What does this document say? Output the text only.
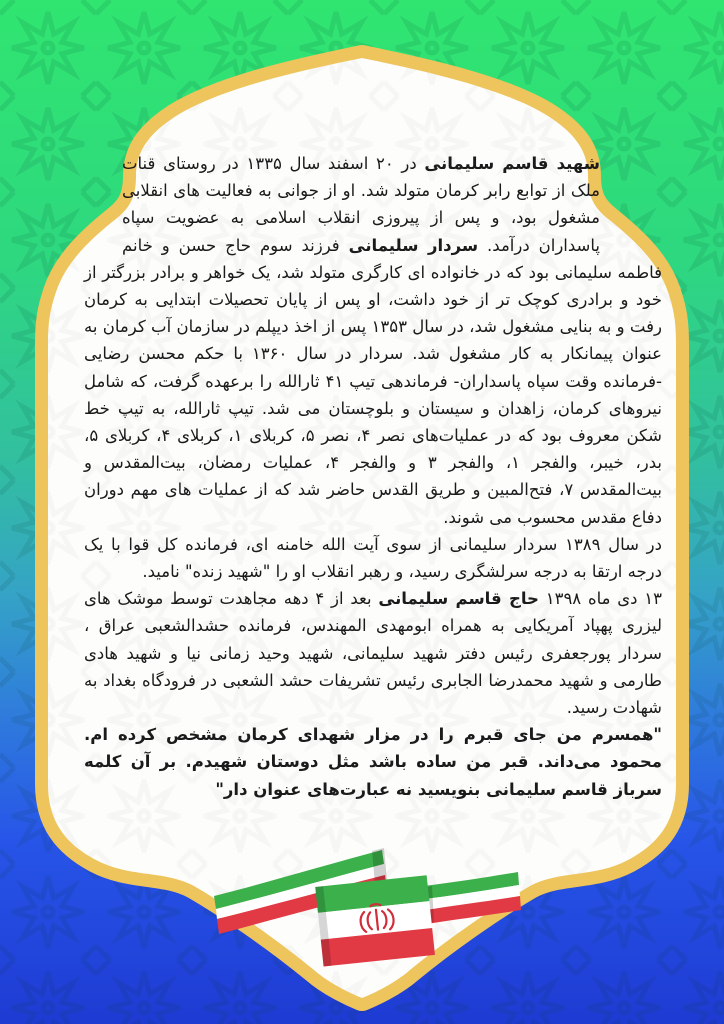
شهید قاسم سلیمانی در ۲۰ اسفند سال ۱۳۳۵ در روستای قنات ملک از توابع رابر کرمان متولد شد. او از جوانی به فعالیت های انقلابی مشغول بود، و پس از پیروزی انقلاب اسلامی به عضویت سپاه پاسداران درآمد. سردار سلیمانی فرزند سوم حاج حسن و خانم فاطمه سلیمانی بود که در خانواده ای کارگری متولد شد، یک خواهر و برادر بزرگتر از خود و برادری کوچک تر از خود داشت، او پس از پایان تحصیلات ابتدایی به کرمان رفت و به بنایی مشغول شد، در سال ۱۳۵۳ پس از اخذ دیپلم در سازمان آب کرمان به عنوان پیمانکار به کار مشغول شد. سردار در سال ۱۳۶۰ با حکم محسن رضایی -فرمانده وقت سپاه پاسداران- فرماندهی تیپ ۴۱ ثارالله را برعهده گرفت، که شامل نیروهای کرمان، زاهدان و سیستان و بلوچستان می شد. تیپ ثارالله، به تیپ خط شکن معروف بود که در عملیات‌های نصر ۴، نصر ۵، کربلای ۱، کربلای ۴، کربلای ۵، بدر، خیبر، والفجر ۱، والفجر ۳ و والفجر ۴، عملیات رمضان، بیت‌المقدس و بیت‌المقدس ۷، فتح‌المبین و طریق القدس حاضر شد که از عملیات های مهم دوران دفاع مقدس محسوب می شوند.

در سال ۱۳۸۹ سردار سلیمانی از سوی آیت الله خامنه ای، فرمانده کل قوا با یک درجه ارتقا به درجه سرلشگری رسید، و رهبر انقلاب او را "شهید زنده" نامید.

۱۳ دی ماه ۱۳۹۸ حاج قاسم سلیمانی بعد از ۴ دهه مجاهدت توسط موشک های لیزری پهپاد آمریکایی به همراه ابومهدی المهندس، فرمانده حشدالشعبی عراق ، سردار پورجعفری رئیس دفتر شهید سلیمانی، شهید وحید زمانی نیا و شهید هادی طارمی و شهید محمدرضا الجابری رئیس تشریفات حشد الشعبی در فرودگاه بغداد به شهادت رسید.

"همسرم من جای قبرم را در مزار شهدای کرمان مشخص کرده ام. محمود می‌داند. قبر من ساده باشد مثل دوستان شهیدم. بر آن کلمه سرباز قاسم سلیمانی بنویسید نه عبارت‌های عنوان دار"
